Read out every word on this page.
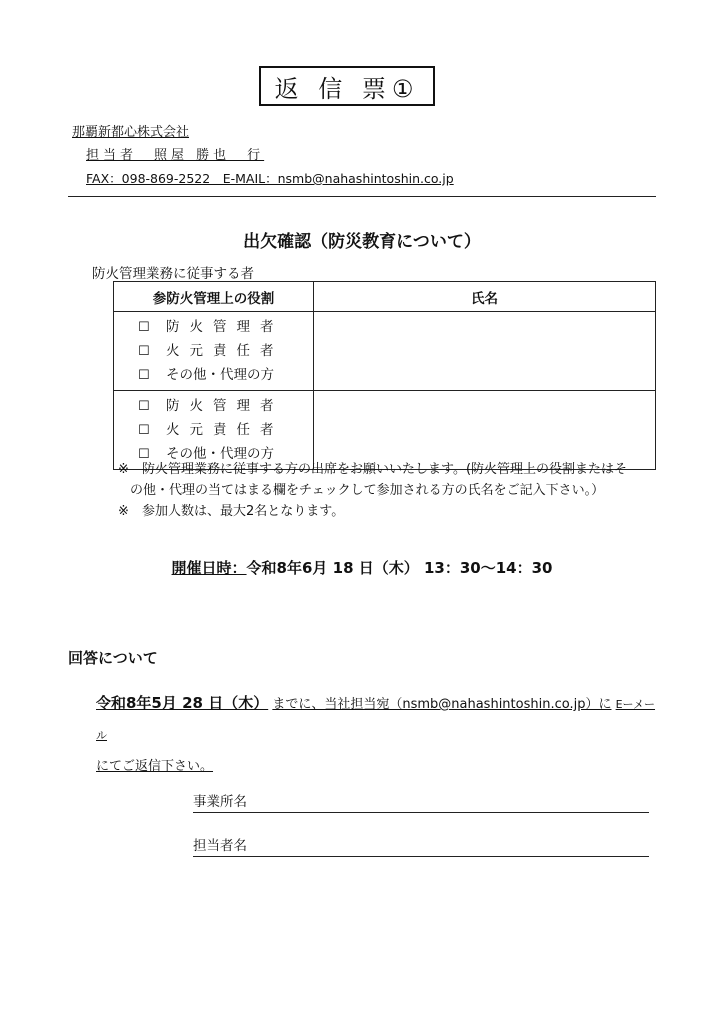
返 信 票①
那覇新都心株式会社
担当者　照屋 勝也　行
FAX：098-869-2522　E-MAIL：nsmb@nahashintoshin.co.jp
出欠確認（防災教育について）
防火管理業務に従事する者
参防火管理上の役割	氏名

☐ 防火管理者
☐ 火元責任者
☐ その他・代理の方	

☐ 防火管理者
☐ 火元責任者
☐ その他・代理の方	

※ 防火管理業務に従事する方の出席をお願いいたします。(防火管理上の役割またはそ
の他・代理の当てはまる欄をチェックして参加される方の氏名をご記入下さい。）
※ 参加人数は、最大2名となります。
開催日時：令和8年6月 18 日（木） 13：30～14：30
回答について
令和8年5月 28 日（木） までに、当社担当宛（nsmb@nahashintoshin.co.jp）に Eーメール
にてご返信下さい。
事業所名
担当者名
